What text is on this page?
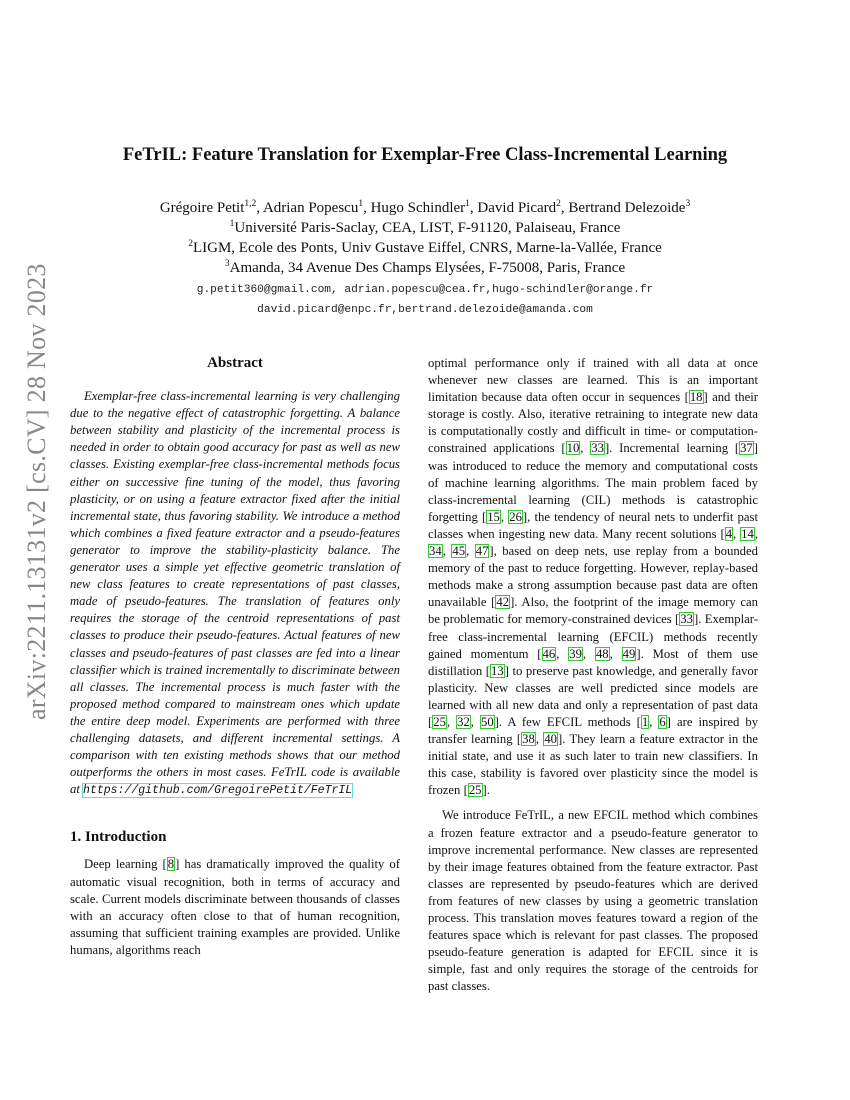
arXiv:2211.13131v2 [cs.CV] 28 Nov 2023
FeTrIL: Feature Translation for Exemplar-Free Class-Incremental Learning
Grégoire Petit$^{1,2}$, Adrian Popescu$^1$, Hugo Schindler$^1$, David Picard$^2$, Bertrand Delezoide$^3$
$^1$Université Paris-Saclay, CEA, LIST, F-91120, Palaiseau, France
$^2$LIGM, Ecole des Ponts, Univ Gustave Eiffel, CNRS, Marne-la-Vallée, France
$^3$Amanda, 34 Avenue Des Champs Elysées, F-75008, Paris, France
g.petit360@gmail.com, adrian.popescu@cea.fr,hugo-schindler@orange.fr
david.picard@enpc.fr,bertrand.delezoide@amanda.com
Abstract

Exemplar-free class-incremental learning is very challenging due to the negative effect of catastrophic forgetting. A balance between stability and plasticity of the incremental process is needed in order to obtain good accuracy for past as well as new classes. Existing exemplar-free class-incremental methods focus either on successive fine tuning of the model, thus favoring plasticity, or on using a feature extractor fixed after the initial incremental state, thus favoring stability. We introduce a method which combines a fixed feature extractor and a pseudo-features generator to improve the stability-plasticity balance. The generator uses a simple yet effective geometric translation of new class features to create representations of past classes, made of pseudo-features. The translation of features only requires the storage of the centroid representations of past classes to produce their pseudo-features. Actual features of new classes and pseudo-features of past classes are fed into a linear classifier which is trained incrementally to discriminate between all classes. The incremental process is much faster with the proposed method compared to mainstream ones which update the entire deep model. Experiments are performed with three challenging datasets, and different incremental settings. A comparison with ten existing methods shows that our method outperforms the others in most cases. FeTrIL code is available at https://github.com/GregoirePetit/FeTrIL

1. Introduction

Deep learning [8] has dramatically improved the quality of automatic visual recognition, both in terms of accuracy and scale. Current models discriminate between thousands of classes with an accuracy often close to that of human recognition, assuming that sufficient training examples are provided. Unlike humans, algorithms reach

optimal performance only if trained with all data at once whenever new classes are learned. This is an important limitation because data often occur in sequences [18] and their storage is costly. Also, iterative retraining to integrate new data is computationally costly and difficult in time- or computation-constrained applications [10, 33]. Incremental learning [37] was introduced to reduce the memory and computational costs of machine learning algorithms. The main problem faced by class-incremental learning (CIL) methods is catastrophic forgetting [15, 26], the tendency of neural nets to underfit past classes when ingesting new data. Many recent solutions [4, 14, 34, 45, 47], based on deep nets, use replay from a bounded memory of the past to reduce forgetting. However, replay-based methods make a strong assumption because past data are often unavailable [42]. Also, the footprint of the image memory can be problematic for memory-constrained devices [33]. Exemplar-free class-incremental learning (EFCIL) methods recently gained momentum [46, 39, 48, 49]. Most of them use distillation [13] to preserve past knowledge, and generally favor plasticity. New classes are well predicted since models are learned with all new data and only a representation of past data [25, 32, 50]. A few EFCIL methods [1, 6] are inspired by transfer learning [38, 40]. They learn a feature extractor in the initial state, and use it as such later to train new classifiers. In this case, stability is favored over plasticity since the model is frozen [25].

We introduce FeTrIL, a new EFCIL method which combines a frozen feature extractor and a pseudo-feature generator to improve incremental performance. New classes are represented by their image features obtained from the feature extractor. Past classes are represented by pseudo-features which are derived from features of new classes by using a geometric translation process. This translation moves features toward a region of the features space which is relevant for past classes. The proposed pseudo-feature generation is adapted for EFCIL since it is simple, fast and only requires the storage of the centroids for past classes.
